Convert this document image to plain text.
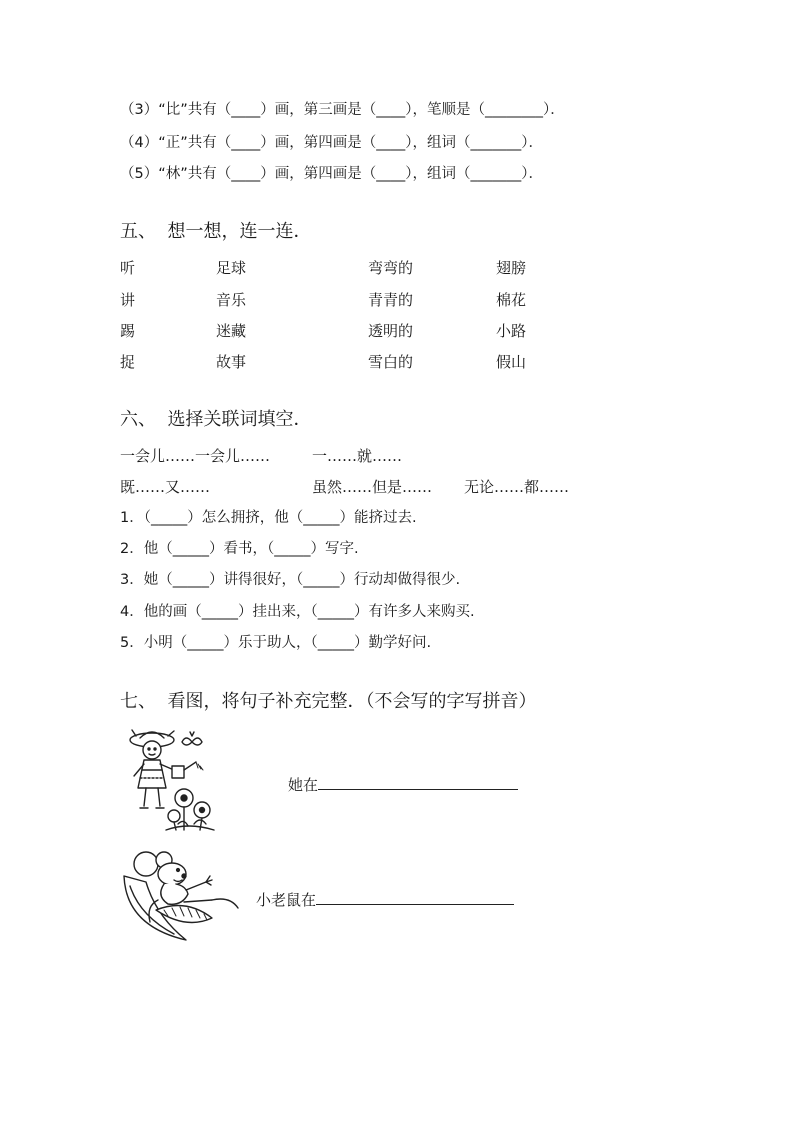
（3）“比”共有（____）画，第三画是（____），笔顺是（________）．
（4）“正”共有（____）画，第四画是（____），组词（_______）．
（5）“林”共有（____）画，第四画是（____），组词（_______）．
五、  想一想，连一连．
听	足球	弯弯的	翅膀
讲	音乐	青青的	棉花
踢	迷藏	透明的	小路
捉	故事	雪白的	假山
六、  选择关联词填空．
一会儿……一会儿……	一……就……
既……又……	虽然……但是…… 无论……都……
1．（_____）怎么拥挤，他（_____）能挤过去.
2．他（_____）看书，（_____）写字.
3．她（_____）讲得很好，（_____）行动却做得很少.
4．他的画（_____）挂出来，（_____）有许多人来购买.
5．小明（_____）乐于助人，（_____）勤学好问.
七、  看图，将句子补充完整．（不会写的字写拼音）
她在
小老鼠在
